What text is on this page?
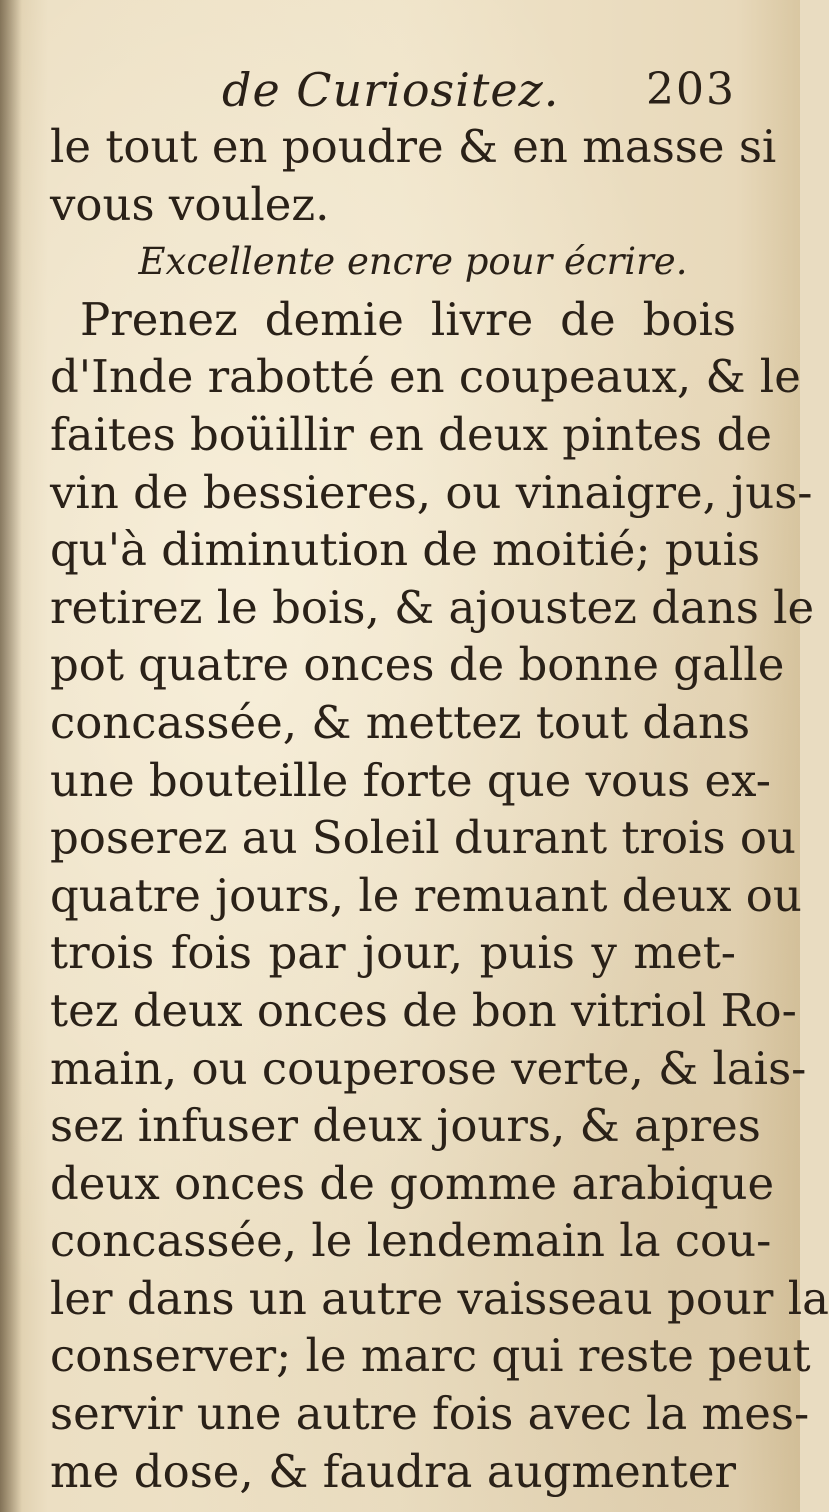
de Curiositez. 203
le tout en poudre & en masse si
vous voulez.
Excellente encre pour écrire.
Prenez demie livre de bois
d'Inde rabotté en coupeaux, & le
faites boüillir en deux pintes de
vin de bessieres, ou vinaigre, jus-
qu'à diminution de moitié; puis
retirez le bois, & ajoustez dans le
pot quatre onces de bonne galle
concassée, & mettez tout dans
une bouteille forte que vous ex-
poserez au Soleil durant trois ou
quatre jours, le remuant deux ou
trois fois par jour, puis y met-
tez deux onces de bon vitriol Ro-
main, ou couperose verte, & lais-
sez infuser deux jours, & apres
deux onces de gomme arabique
concassée, le lendemain la cou-
ler dans un autre vaisseau pour la
conserver; le marc qui reste peut
servir une autre fois avec la mes-
me dose, & faudra augmenter
